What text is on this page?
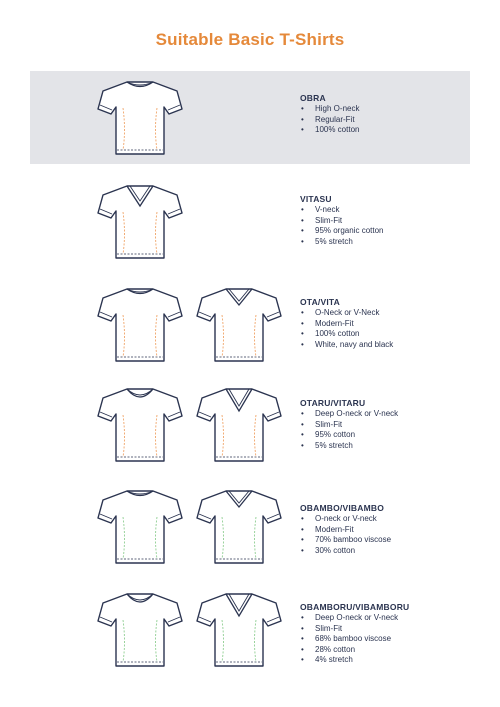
Suitable Basic T-Shirts
OBRA
• High O-neck
• Regular-Fit
• 100% cotton
VITASU
• V-neck
• Slim-Fit
• 95% organic cotton
• 5% stretch
OTA/VITA
• O-Neck or V-Neck
• Modern-Fit
• 100% cotton
• White, navy and black
OTARU/VITARU
• Deep O-neck or V-neck
• Slim-Fit
• 95% cotton
• 5% stretch
OBAMBO/VIBAMBO
• O-neck or V-neck
• Modern-Fit
• 70% bamboo viscose
• 30% cotton
OBAMBORU/VIBAMBORU
• Deep O-neck or V-neck
• Slim-Fit
• 68% bamboo viscose
• 28% cotton
• 4% stretch
